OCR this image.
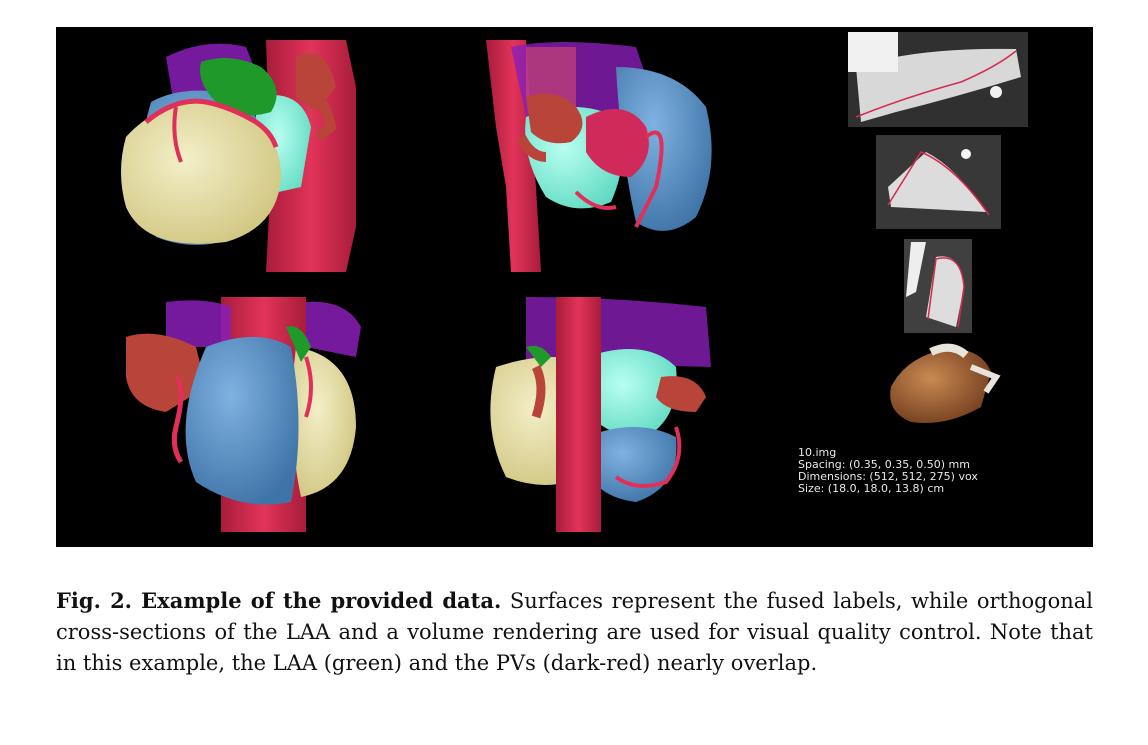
10.img
Spacing: (0.35, 0.35, 0.50) mm
Dimensions: (512, 512, 275) vox
Size: (18.0, 18.0, 13.8) cm

Fig. 2. Example of the provided data. Surfaces represent the fused labels, while orthogonal cross-sections of the LAA and a volume rendering are used for visual quality control. Note that in this example, the LAA (green) and the PVs (dark-red) nearly overlap.
